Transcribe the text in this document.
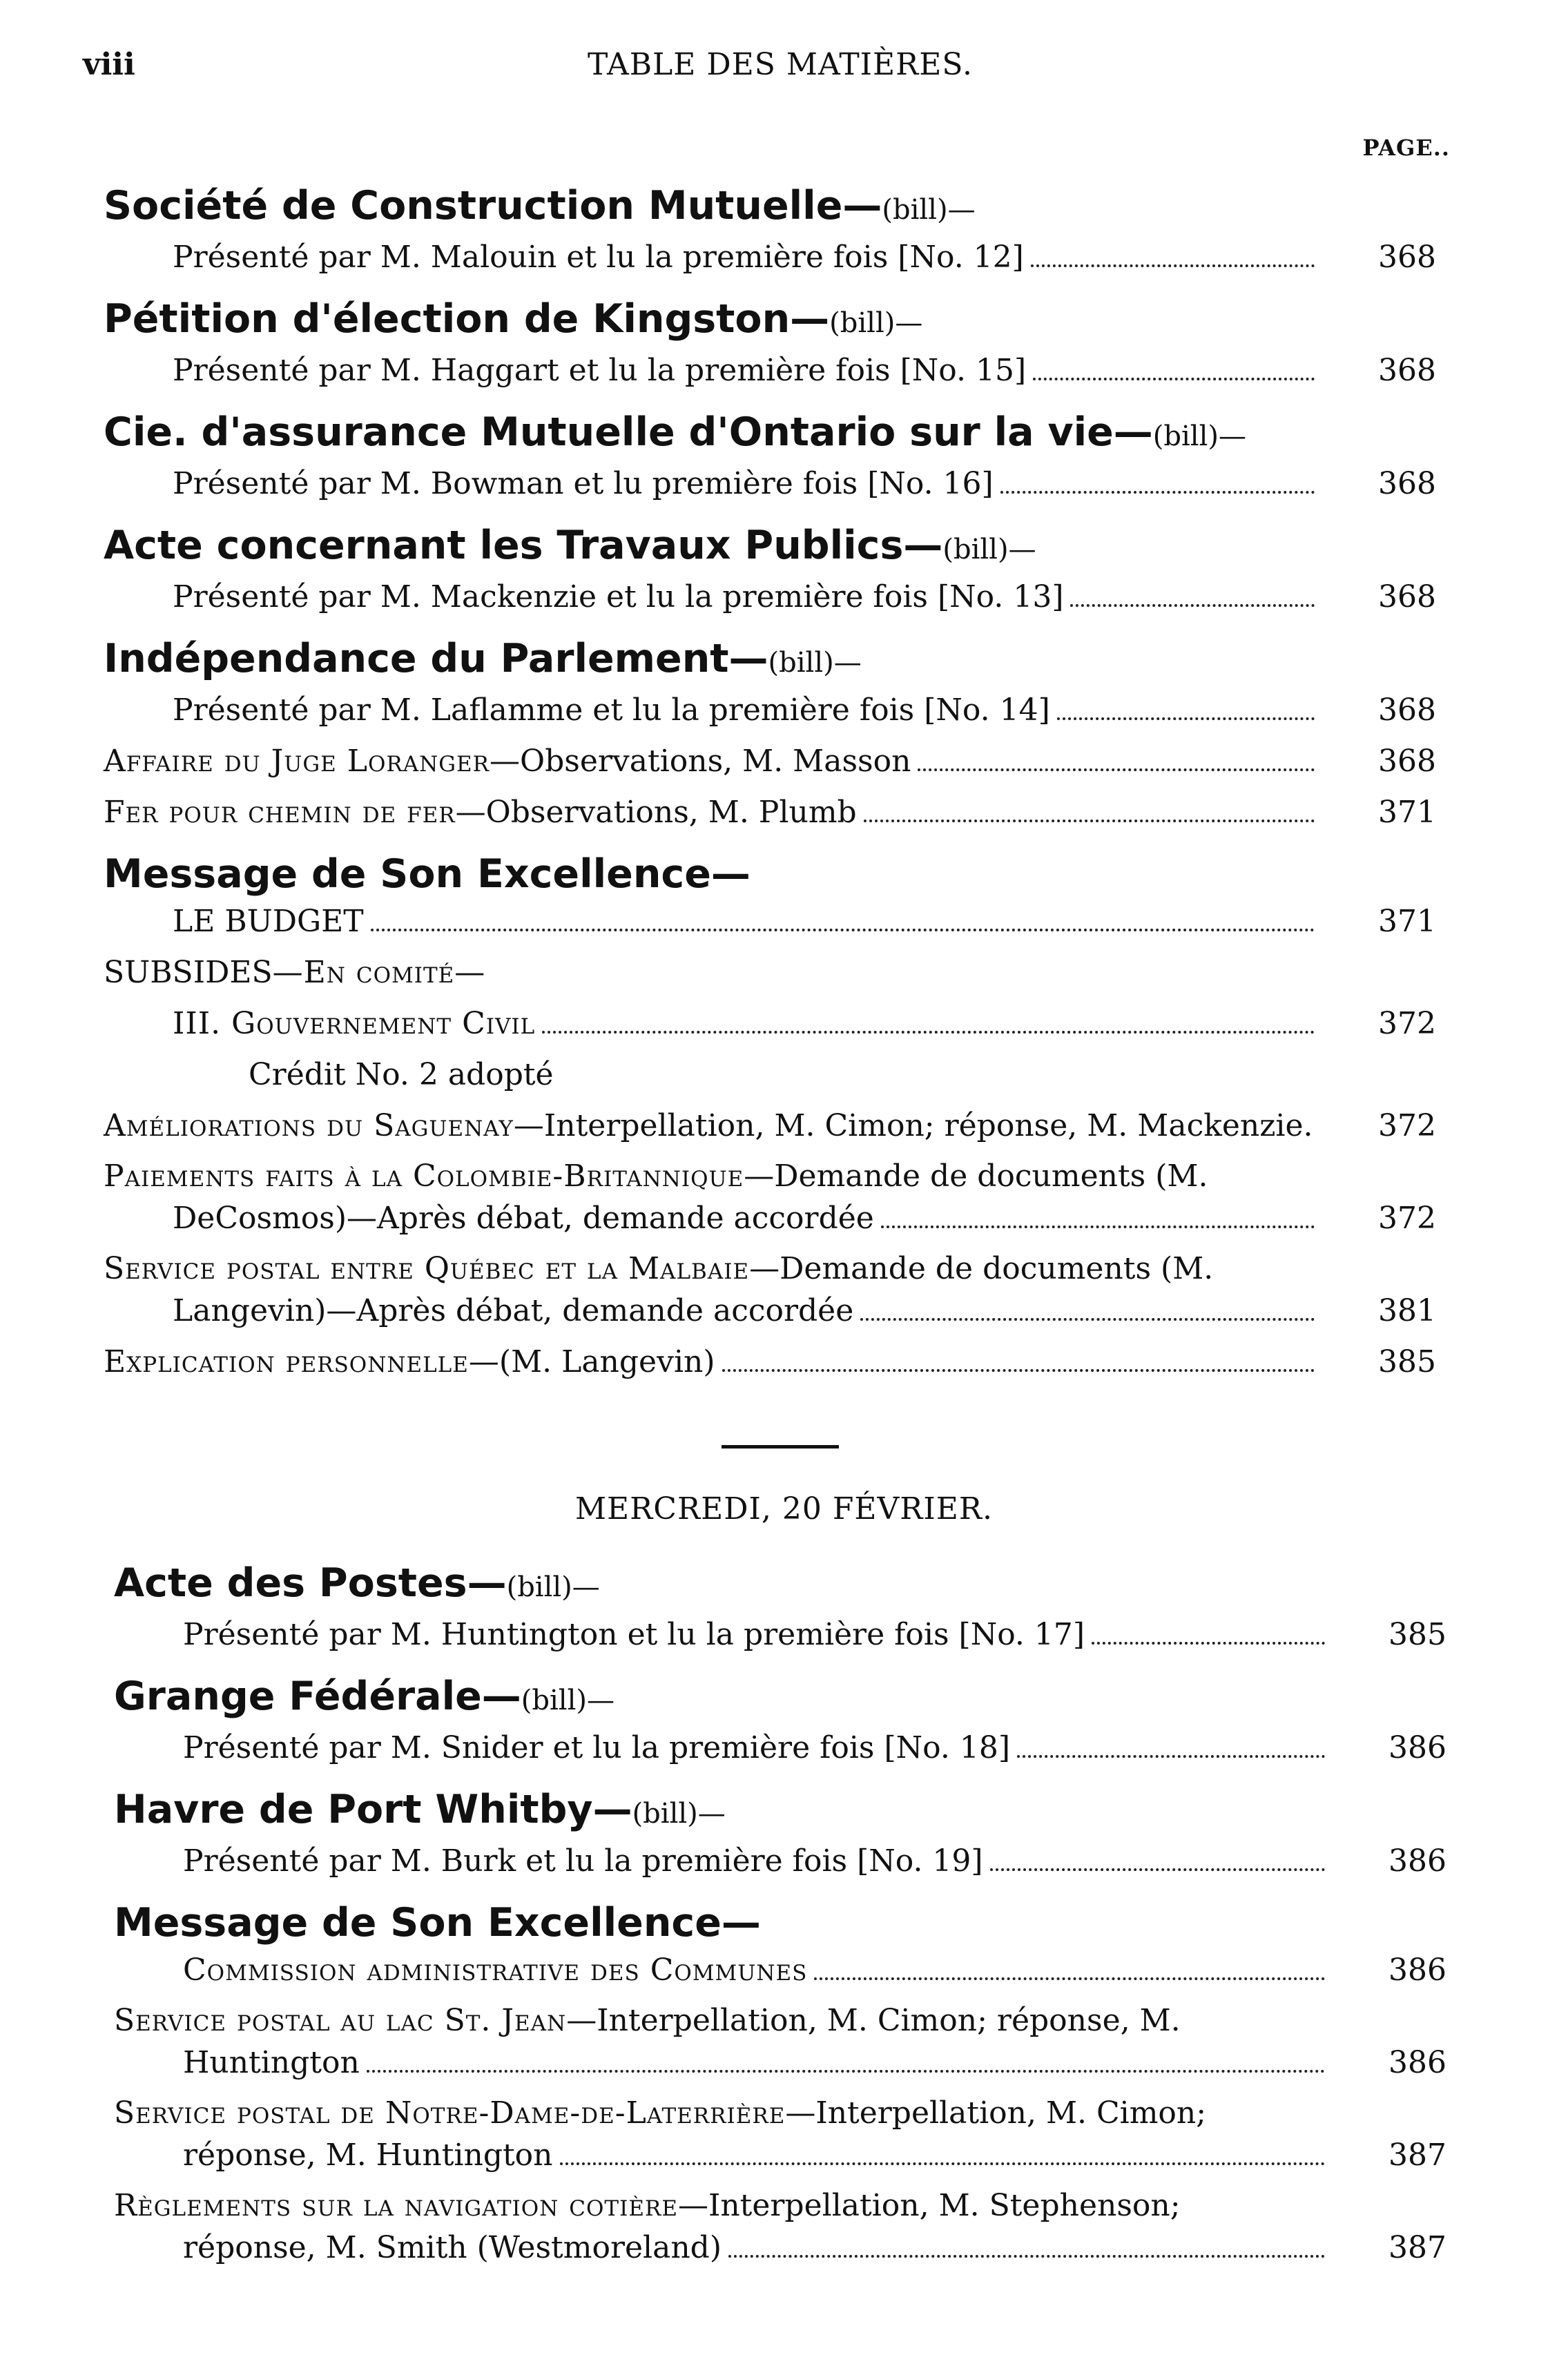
viii	TABLE DES MATIÈRES.
PAGE..
Société de Construction Mutuelle—(bill)—
Présenté par M. Malouin et lu la première fois [No. 12]	368
Pétition d'élection de Kingston—(bill)—
Présenté par M. Haggart et lu la première fois [No. 15]	368
Cie. d'assurance Mutuelle d'Ontario sur la vie—(bill)—
Présenté par M. Bowman et lu première fois [No. 16]	368
Acte concernant les Travaux Publics—(bill)—
Présenté par M. Mackenzie et lu la première fois [No. 13]	368
Indépendance du Parlement—(bill)—
Présenté par M. Laflamme et lu la première fois [No. 14]	368
Affaire du Juge Loranger—Observations, M. Masson	368
Fer pour chemin de fer—Observations, M. Plumb	371
Message de Son Excellence—
LE BUDGET	371
SUBSIDES—En comité—
III. Gouvernement Civil	372
Crédit No. 2 adopté
Améliorations du Saguenay—Interpellation, M. Cimon; réponse, M. Mackenzie.	372
Paiements faits à la Colombie-Britannique—Demande de documents (M.
DeCosmos)—Après débat, demande accordée	372
Service postal entre Québec et la Malbaie—Demande de documents (M.
Langevin)—Après débat, demande accordée	381
Explication personnelle—(M. Langevin)	385
MERCREDI, 20 FÉVRIER.
Acte des Postes—(bill)—
Présenté par M. Huntington et lu la première fois [No. 17]	385
Grange Fédérale—(bill)—
Présenté par M. Snider et lu la première fois [No. 18]	386
Havre de Port Whitby—(bill)—
Présenté par M. Burk et lu la première fois [No. 19]	386
Message de Son Excellence—
Commission administrative des Communes	386
Service postal au lac St. Jean—Interpellation, M. Cimon; réponse, M.
Huntington	386
Service postal de Notre-Dame-de-Laterrière—Interpellation, M. Cimon;
réponse, M. Huntington	387
Règlements sur la navigation cotière—Interpellation, M. Stephenson;
réponse, M. Smith (Westmoreland)	387
